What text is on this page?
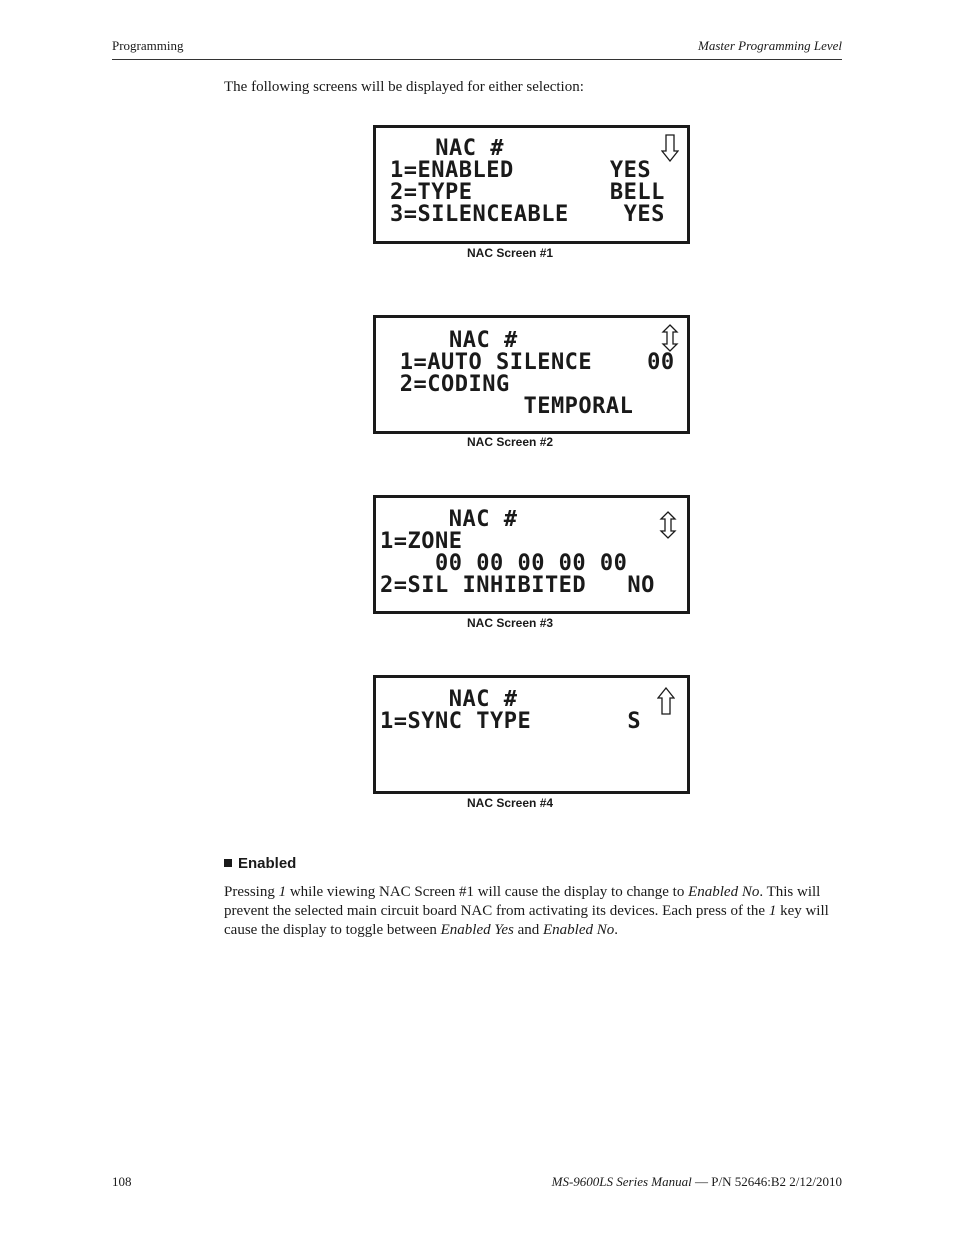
Programming	Master Programming Level
The following screens will be displayed for either selection:
NAC #
1=ENABLED       YES
2=TYPE          BELL
3=SILENCEABLE    YES
NAC Screen #1
NAC #
1=AUTO SILENCE    00
2=CODING
TEMPORAL
NAC Screen #2
NAC #
1=ZONE
00 00 00 00 00
2=SIL INHIBITED   NO
NAC Screen #3
NAC #
1=SYNC TYPE       S
NAC Screen #4
Enabled
Pressing 1 while viewing NAC Screen #1 will cause the display to change to Enabled No. This will prevent the selected main circuit board NAC from activating its devices. Each press of the 1 key will cause the display to toggle between Enabled Yes and Enabled No.
108	MS-9600LS Series Manual — P/N 52646:B2 2/12/2010
